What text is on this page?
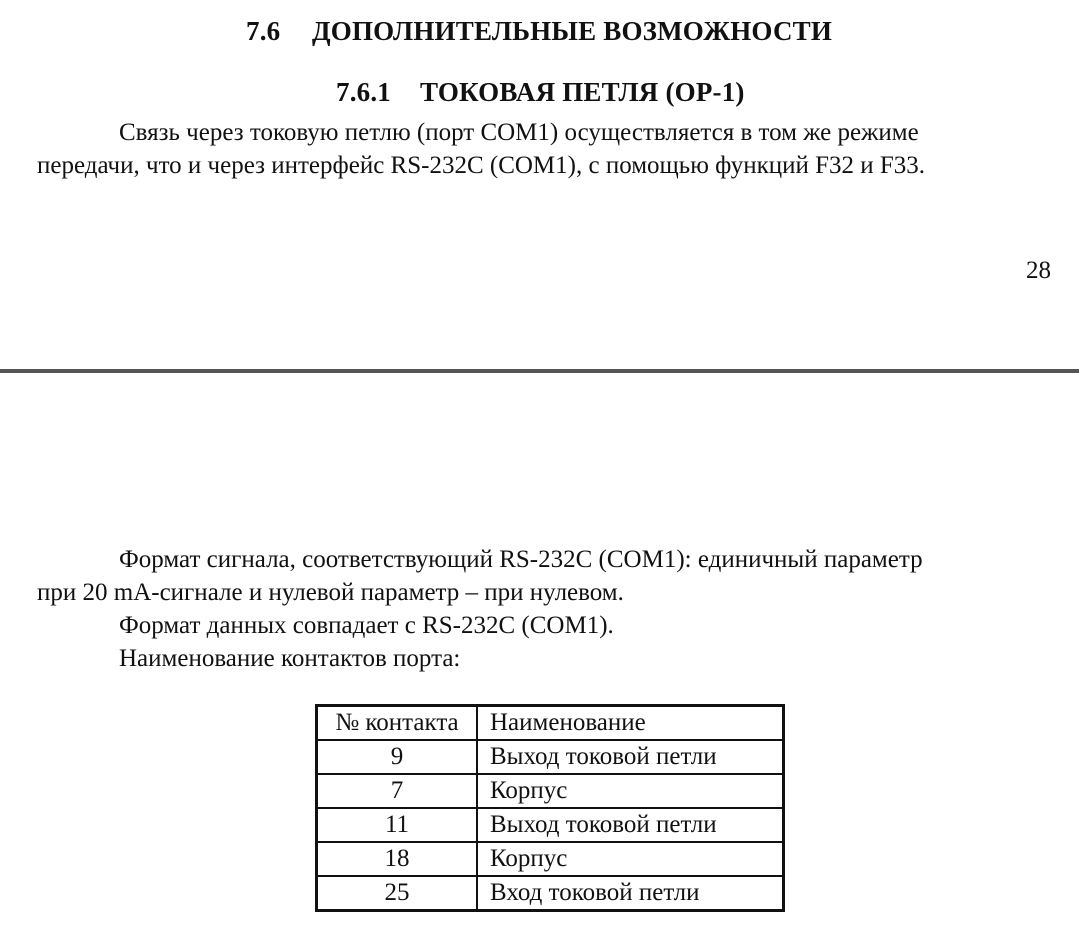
7.6 ДОПОЛНИТЕЛЬНЫЕ ВОЗМОЖНОСТИ
7.6.1 ТОКОВАЯ ПЕТЛЯ (OP-1)
Связь через токовую петлю (порт COM1) осуществляется в том же режиме
передачи, что и через интерфейс RS-232C (COM1), с помощью функций F32 и F33.
28
Формат сигнала, соответствующий RS-232C (COM1): единичный параметр
при 20 mA-сигнале и нулевой параметр – при нулевом.
Формат данных совпадает с RS-232C (COM1).
Наименование контактов порта:
№ контакта	Наименование
9	Выход токовой петли
7	Корпус
11	Выход токовой петли
18	Корпус
25	Вход токовой петли
